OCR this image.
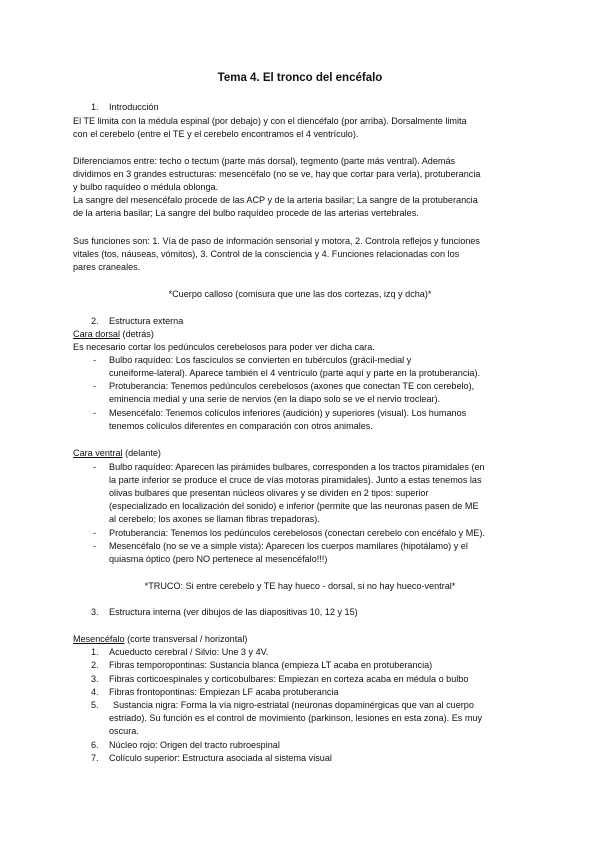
Tema 4. El tronco del encéfalo
1. Introducción
El TE limita con la médula espinal (por debajo) y con el diencéfalo (por arriba). Dorsalmente limita
con el cerebelo (entre el TE y el cerebelo encontramos el 4 ventrículo).
Diferenciamos entre: techo o tectum (parte más dorsal), tegmento (parte más ventral). Además
dividimos en 3 grandes estructuras: mesencéfalo (no se ve, hay que cortar para verla), protuberancia
y bulbo raquídeo o médula oblonga.
La sangre del mesencéfalo procede de las ACP y de la arteria basilar; La sangre de la protuberancia
de la arteria basilar; La sangre del bulbo raquídeo procede de las arterias vertebrales.
Sus funciones son: 1. Vía de paso de información sensorial y motora, 2. Controla reflejos y funciones
vitales (tos, náuseas, vómitos), 3. Control de la consciencia y 4. Funciones relacionadas con los
pares craneales.
*Cuerpo calloso (comisura que une las dos cortezas, izq y dcha)*
2. Estructura externa
Cara dorsal (detrás)
Es necesario cortar los pedúnculos cerebelosos para poder ver dicha cara.
- Bulbo raquídeo: Los fascículos se convierten en tubérculos (grácil-medial y
cuneiforme-lateral). Aparece también el 4 ventrículo (parte aquí y parte en la protuberancia).
- Protuberancia: Tenemos pedúnculos cerebelosos (axones que conectan TE con cerebelo),
eminencia medial y una serie de nervios (en la diapo solo se ve el nervio troclear).
- Mesencéfalo: Tenemos colículos inferiores (audición) y superiores (visual). Los humanos
tenemos colículos diferentes en comparación con otros animales.
Cara ventral (delante)
- Bulbo raquídeo: Aparecen las pirámides bulbares, corresponden a los tractos piramidales (en
la parte inferior se produce el cruce de vías motoras piramidales). Junto a estas tenemos las
olivas bulbares que presentan núcleos olivares y se dividen en 2 tipos: superior
(especializado en localización del sonido) e inferior (permite que las neuronas pasen de ME
al cerebelo; los axones se llaman fibras trepadoras).
- Protuberancia: Tenemos los pedúnculos cerebelosos (conectan cerebelo con encéfalo y ME).
- Mesencéfalo (no se ve a simple vista): Aparecen los cuerpos mamilares (hipotálamo) y el
quiasma óptico (pero NO pertenece al mesencéfalo!!!)
*TRUCO: Si entre cerebelo y TE hay hueco - dorsal, si no hay hueco-ventral*
3. Estructura interna (ver dibujos de las diapositivas 10, 12 y 15)
Mesencéfalo (corte transversal / horizontal)
1. Acueducto cerebral / Silvio: Une 3 y 4V.
2. Fibras temporopontinas: Sustancia blanca (empieza LT acaba en protuberancia)
3. Fibras corticoespinales y corticobulbares: Empiezan en corteza acaba en médula o bulbo
4. Fibras frontopontinas: Empiezan LF acaba protuberancia
5. Sustancia nigra: Forma la vía nigro-estriatal (neuronas dopaminérgicas que van al cuerpo
estriado). Su función es el control de movimiento (parkinson, lesiones en esta zona). Es muy
oscura.
6. Núcleo rojo: Origen del tracto rubroespinal
7. Colículo superior: Estructura asociada al sistema visual
